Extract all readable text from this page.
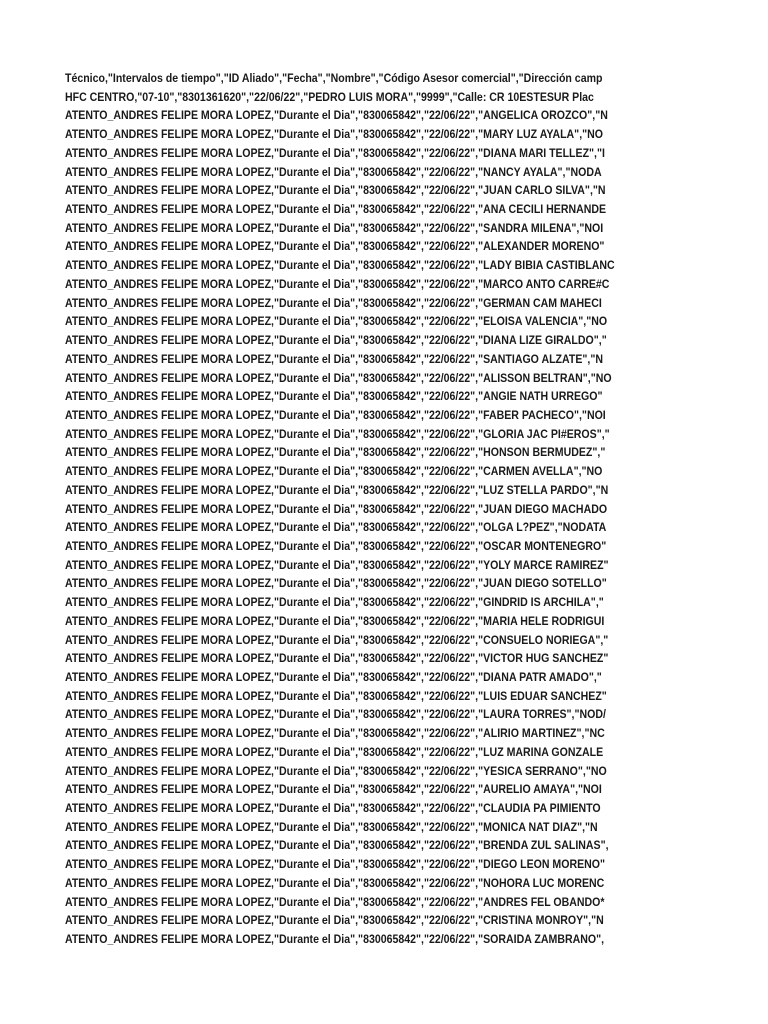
Técnico,"Intervalos de tiempo","ID Aliado","Fecha","Nombre","Código Asesor comercial","Dirección camp
HFC CENTRO,"07-10","8301361620","22/06/22","PEDRO LUIS MORA","9999","Calle: CR 10ESTESUR Plac
ATENTO_ANDRES FELIPE MORA LOPEZ,"Durante el Dia","830065842","22/06/22","ANGELICA OROZCO","N
ATENTO_ANDRES FELIPE MORA LOPEZ,"Durante el Dia","830065842","22/06/22","MARY LUZ AYALA","NO
ATENTO_ANDRES FELIPE MORA LOPEZ,"Durante el Dia","830065842","22/06/22","DIANA MARI TELLEZ","I
ATENTO_ANDRES FELIPE MORA LOPEZ,"Durante el Dia","830065842","22/06/22","NANCY AYALA","NODA
ATENTO_ANDRES FELIPE MORA LOPEZ,"Durante el Dia","830065842","22/06/22","JUAN CARLO SILVA","N
ATENTO_ANDRES FELIPE MORA LOPEZ,"Durante el Dia","830065842","22/06/22","ANA CECILI HERNANDE
ATENTO_ANDRES FELIPE MORA LOPEZ,"Durante el Dia","830065842","22/06/22","SANDRA MILENA","NOI
ATENTO_ANDRES FELIPE MORA LOPEZ,"Durante el Dia","830065842","22/06/22","ALEXANDER MORENO"
ATENTO_ANDRES FELIPE MORA LOPEZ,"Durante el Dia","830065842","22/06/22","LADY BIBIA CASTIBLANC
ATENTO_ANDRES FELIPE MORA LOPEZ,"Durante el Dia","830065842","22/06/22","MARCO ANTO CARRE#C
ATENTO_ANDRES FELIPE MORA LOPEZ,"Durante el Dia","830065842","22/06/22","GERMAN CAM MAHECI
ATENTO_ANDRES FELIPE MORA LOPEZ,"Durante el Dia","830065842","22/06/22","ELOISA VALENCIA","NO
ATENTO_ANDRES FELIPE MORA LOPEZ,"Durante el Dia","830065842","22/06/22","DIANA LIZE GIRALDO","
ATENTO_ANDRES FELIPE MORA LOPEZ,"Durante el Dia","830065842","22/06/22","SANTIAGO ALZATE","N
ATENTO_ANDRES FELIPE MORA LOPEZ,"Durante el Dia","830065842","22/06/22","ALISSON BELTRAN","NO
ATENTO_ANDRES FELIPE MORA LOPEZ,"Durante el Dia","830065842","22/06/22","ANGIE NATH URREGO"
ATENTO_ANDRES FELIPE MORA LOPEZ,"Durante el Dia","830065842","22/06/22","FABER PACHECO","NOI
ATENTO_ANDRES FELIPE MORA LOPEZ,"Durante el Dia","830065842","22/06/22","GLORIA JAC PI#EROS","
ATENTO_ANDRES FELIPE MORA LOPEZ,"Durante el Dia","830065842","22/06/22","HONSON BERMUDEZ","
ATENTO_ANDRES FELIPE MORA LOPEZ,"Durante el Dia","830065842","22/06/22","CARMEN AVELLA","NO
ATENTO_ANDRES FELIPE MORA LOPEZ,"Durante el Dia","830065842","22/06/22","LUZ STELLA PARDO","N
ATENTO_ANDRES FELIPE MORA LOPEZ,"Durante el Dia","830065842","22/06/22","JUAN DIEGO MACHADO
ATENTO_ANDRES FELIPE MORA LOPEZ,"Durante el Dia","830065842","22/06/22","OLGA L?PEZ","NODATA
ATENTO_ANDRES FELIPE MORA LOPEZ,"Durante el Dia","830065842","22/06/22","OSCAR MONTENEGRO"
ATENTO_ANDRES FELIPE MORA LOPEZ,"Durante el Dia","830065842","22/06/22","YOLY MARCE RAMIREZ"
ATENTO_ANDRES FELIPE MORA LOPEZ,"Durante el Dia","830065842","22/06/22","JUAN DIEGO SOTELLO"
ATENTO_ANDRES FELIPE MORA LOPEZ,"Durante el Dia","830065842","22/06/22","GINDRID IS ARCHILA","
ATENTO_ANDRES FELIPE MORA LOPEZ,"Durante el Dia","830065842","22/06/22","MARIA HELE RODRIGUI
ATENTO_ANDRES FELIPE MORA LOPEZ,"Durante el Dia","830065842","22/06/22","CONSUELO NORIEGA","
ATENTO_ANDRES FELIPE MORA LOPEZ,"Durante el Dia","830065842","22/06/22","VICTOR HUG SANCHEZ"
ATENTO_ANDRES FELIPE MORA LOPEZ,"Durante el Dia","830065842","22/06/22","DIANA PATR AMADO","
ATENTO_ANDRES FELIPE MORA LOPEZ,"Durante el Dia","830065842","22/06/22","LUIS EDUAR SANCHEZ"
ATENTO_ANDRES FELIPE MORA LOPEZ,"Durante el Dia","830065842","22/06/22","LAURA TORRES","NOD/
ATENTO_ANDRES FELIPE MORA LOPEZ,"Durante el Dia","830065842","22/06/22","ALIRIO MARTINEZ","NC
ATENTO_ANDRES FELIPE MORA LOPEZ,"Durante el Dia","830065842","22/06/22","LUZ MARINA GONZALE
ATENTO_ANDRES FELIPE MORA LOPEZ,"Durante el Dia","830065842","22/06/22","YESICA SERRANO","NO
ATENTO_ANDRES FELIPE MORA LOPEZ,"Durante el Dia","830065842","22/06/22","AURELIO AMAYA","NOI
ATENTO_ANDRES FELIPE MORA LOPEZ,"Durante el Dia","830065842","22/06/22","CLAUDIA PA PIMIENTO
ATENTO_ANDRES FELIPE MORA LOPEZ,"Durante el Dia","830065842","22/06/22","MONICA NAT DIAZ","N
ATENTO_ANDRES FELIPE MORA LOPEZ,"Durante el Dia","830065842","22/06/22","BRENDA ZUL SALINAS",
ATENTO_ANDRES FELIPE MORA LOPEZ,"Durante el Dia","830065842","22/06/22","DIEGO LEON MORENO"
ATENTO_ANDRES FELIPE MORA LOPEZ,"Durante el Dia","830065842","22/06/22","NOHORA LUC MORENC
ATENTO_ANDRES FELIPE MORA LOPEZ,"Durante el Dia","830065842","22/06/22","ANDRES FEL OBANDO*
ATENTO_ANDRES FELIPE MORA LOPEZ,"Durante el Dia","830065842","22/06/22","CRISTINA MONROY","N
ATENTO_ANDRES FELIPE MORA LOPEZ,"Durante el Dia","830065842","22/06/22","SORAIDA ZAMBRANO",
